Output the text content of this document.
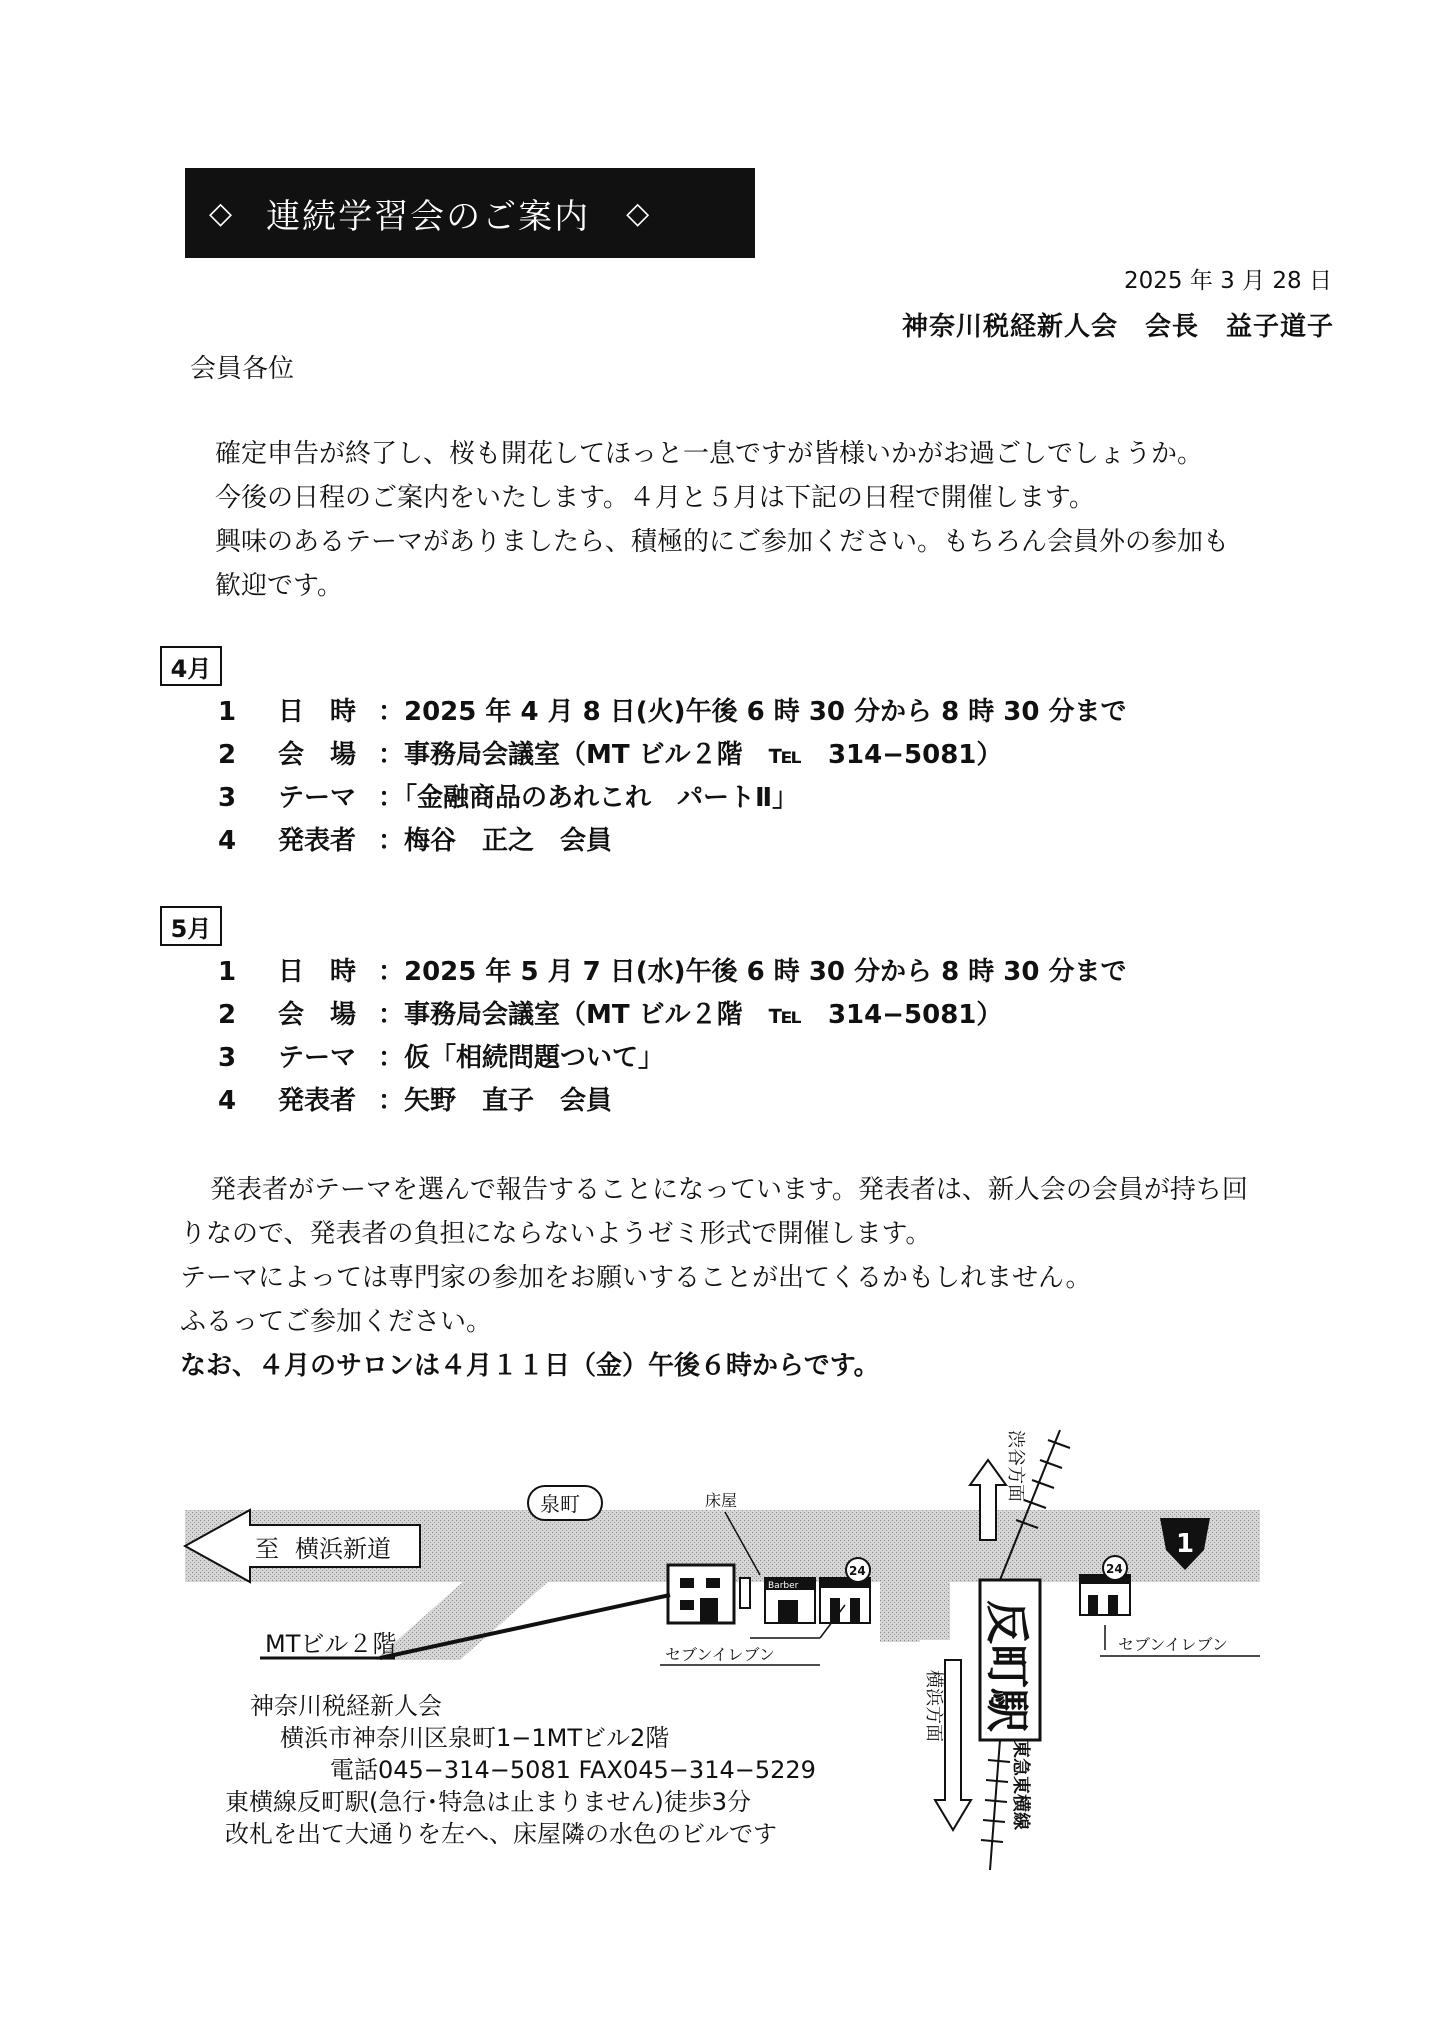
◇ 連続学習会のご案内 ◇
2025 年 3 月 28 日
神奈川税経新人会　会長　益子道子
会員各位
確定申告が終了し、桜も開花してほっと一息ですが皆様いかがお過ごしでしょうか。
今後の日程のご案内をいたします。４月と５月は下記の日程で開催します。
興味のあるテーマがありましたら、積極的にご参加ください。もちろん会員外の参加も
歓迎です。
4月
1 日　時 ：2025 年 4 月 8 日(火)午後 6 時 30 分から 8 時 30 分まで
2 会　場 ：事務局会議室（MT ビル２階　℡　314−5081）
3 テーマ ：「金融商品のあれこれ　パートⅡ」
4 発表者 ：梅谷　正之　会員
5月
1 日　時 ：2025 年 5 月 7 日(水)午後 6 時 30 分から 8 時 30 分まで
2 会　場 ：事務局会議室（MT ビル２階　℡　314−5081）
3 テーマ ：仮「相続問題ついて」
4 発表者 ：矢野　直子　会員
発表者がテーマを選んで報告することになっています。発表者は、新人会の会員が持ち回
りなので、発表者の負担にならないようゼミ形式で開催します。
テーマによっては専門家の参加をお願いすることが出てくるかもしれません。
ふるってご参加ください。
なお、４月のサロンは４月１１日（金）午後６時からです。
至 横浜新道
泉町	床屋
Barber
24
セブンイレブン
MTビル２階
渋谷方面
1
反町駅
24
セブンイレブン
横浜方面
東急東横線
神奈川税経新人会
横浜市神奈川区泉町1−1MTビル2階
電話045−314−5081 FAX045−314−5229
東横線反町駅(急行･特急は止まりません)徒歩3分
改札を出て大通りを左へ、床屋隣の水色のビルです
